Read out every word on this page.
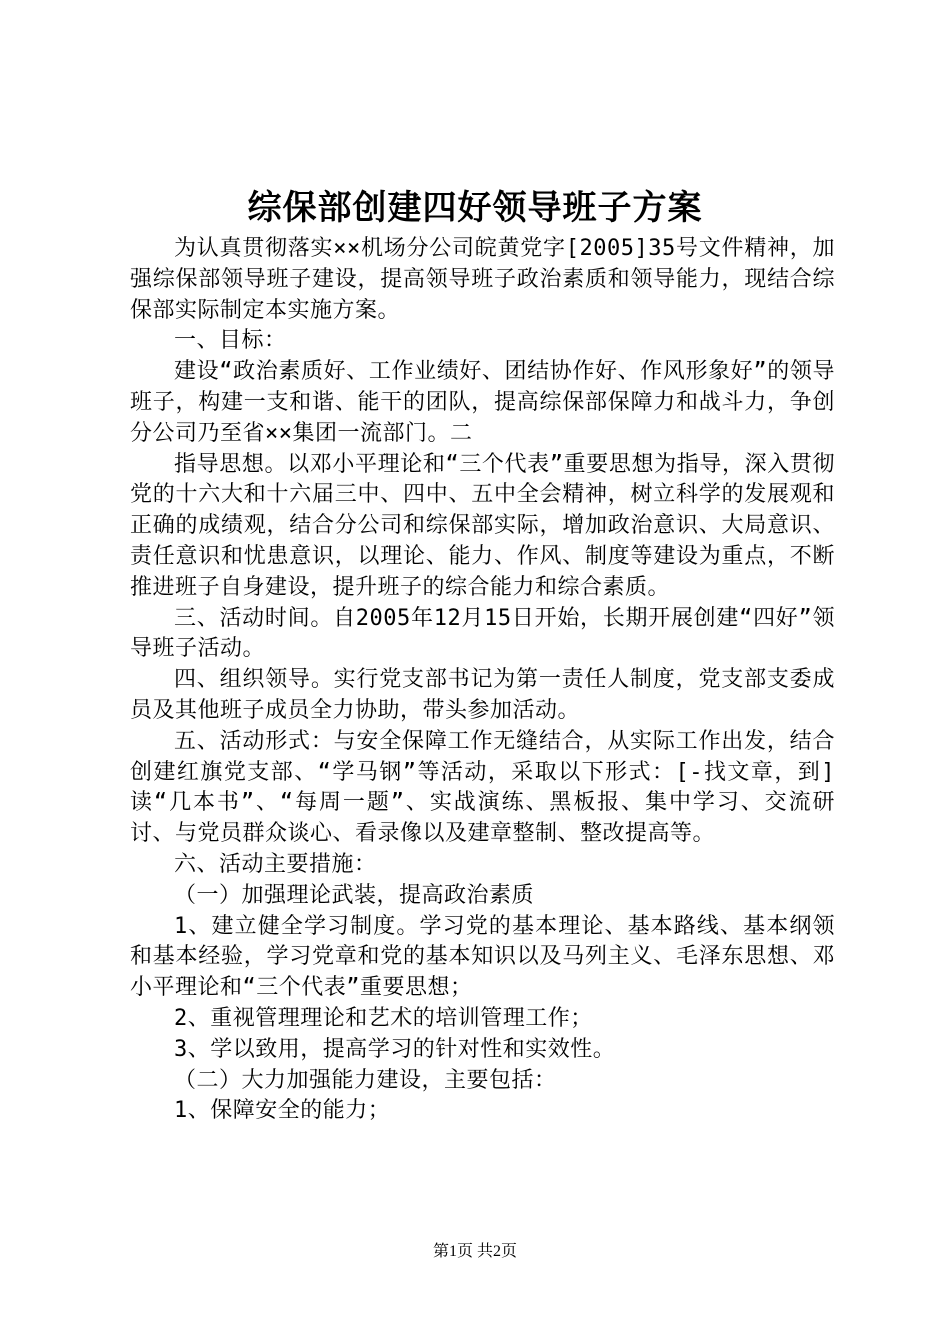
综保部创建四好领导班子方案

为认真贯彻落实××机场分公司皖黄党字[2005]35号文件精神，加强综保部领导班子建设，提高领导班子政治素质和领导能力，现结合综保部实际制定本实施方案。

一、目标：

建设“政治素质好、工作业绩好、团结协作好、作风形象好”的领导班子，构建一支和谐、能干的团队，提高综保部保障力和战斗力，争创分公司乃至省××集团一流部门。二

指导思想。以邓小平理论和“三个代表”重要思想为指导，深入贯彻党的十六大和十六届三中、四中、五中全会精神，树立科学的发展观和正确的成绩观，结合分公司和综保部实际，增加政治意识、大局意识、责任意识和忧患意识，以理论、能力、作风、制度等建设为重点，不断推进班子自身建设，提升班子的综合能力和综合素质。

三、活动时间。自2005年12月15日开始，长期开展创建“四好”领导班子活动。

四、组织领导。实行党支部书记为第一责任人制度，党支部支委成员及其他班子成员全力协助，带头参加活动。

五、活动形式：与安全保障工作无缝结合，从实际工作出发，结合创建红旗党支部、“学马钢”等活动，采取以下形式：[-找文章，到]读“几本书”、“每周一题”、实战演练、黑板报、集中学习、交流研讨、与党员群众谈心、看录像以及建章整制、整改提高等。

六、活动主要措施：

（一）加强理论武装，提高政治素质

1、建立健全学习制度。学习党的基本理论、基本路线、基本纲领和基本经验，学习党章和党的基本知识以及马列主义、毛泽东思想、邓小平理论和“三个代表”重要思想；

2、重视管理理论和艺术的培训管理工作；

3、学以致用，提高学习的针对性和实效性。

（二）大力加强能力建设，主要包括：

1、保障安全的能力；

第1页 共2页
